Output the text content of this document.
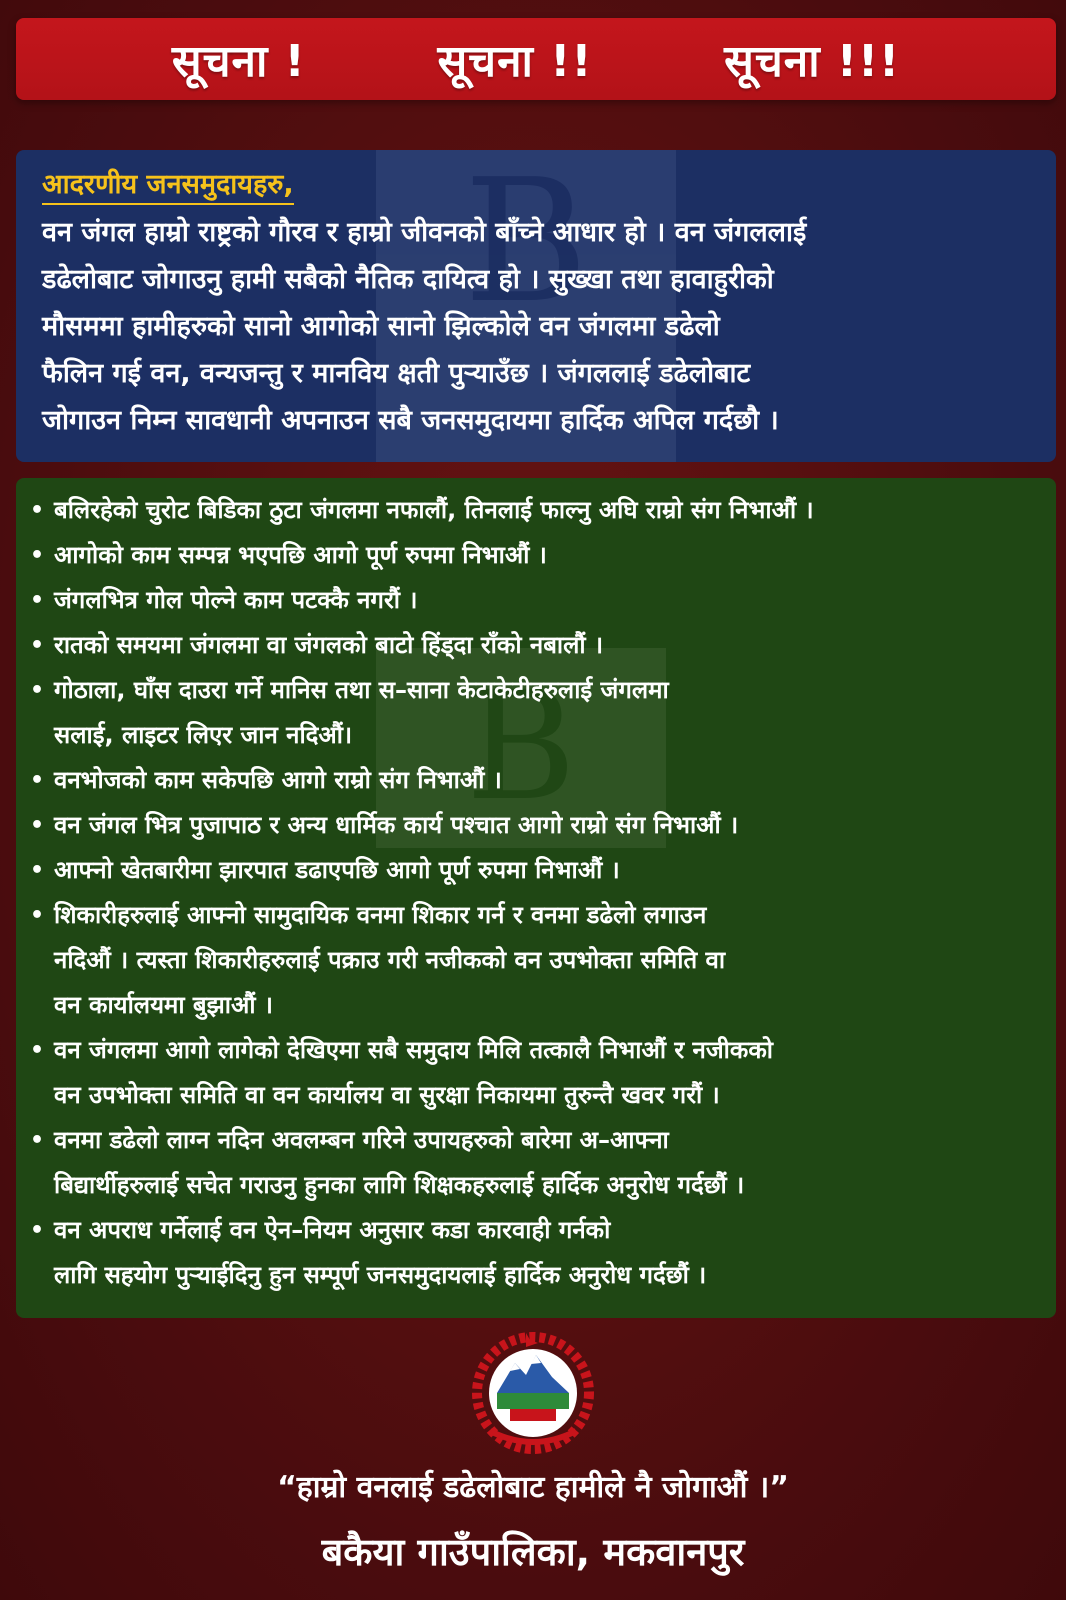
सूचना !	सूचना !!	सूचना !!!
B
आदरणीय जनसमुदायहरु,

वन जंगल हाम्रो राष्ट्रको गौरव र हाम्रो जीवनको बाँच्ने आधार हो । वन जंगललाई
डढेलोबाट जोगाउनु हामी सबैको नैतिक दायित्व हो । सुख्खा तथा हावाहुरीको
मौसममा हामीहरुको सानो आगोको सानो झिल्कोले वन जंगलमा डढेलो
फैलिन गई वन, वन्यजन्तु र मानविय क्षती पुऱ्याउँछ । जंगललाई डढेलोबाट
जोगाउन निम्न सावधानी अपनाउन सबै जनसमुदायमा हार्दिक अपिल गर्दछौ ।

B
• बलिरहेको चुरोट बिडिका ठुटा जंगलमा नफालौं, तिनलाई फाल्नु अघि राम्रो संग निभाऔं ।
• आगोको काम सम्पन्न भएपछि आगो पूर्ण रुपमा निभाऔं ।
• जंगलभित्र गोल पोल्ने काम पटक्कै नगरौं ।
• रातको समयमा जंगलमा वा जंगलको बाटो हिंड्दा राँको नबालौं ।
• गोठाला, घाँस दाउरा गर्ने मानिस तथा स–साना केटाकेटीहरुलाई जंगलमा
सलाई, लाइटर लिएर जान नदिऔं।
• वनभोजको काम सकेपछि आगो राम्रो संग निभाऔं ।
• वन जंगल भित्र पुजापाठ र अन्य धार्मिक कार्य पश्चात आगो राम्रो संग निभाऔं ।
• आफ्नो खेतबारीमा झारपात डढाएपछि आगो पूर्ण रुपमा निभाऔं ।
• शिकारीहरुलाई आफ्नो सामुदायिक वनमा शिकार गर्न र वनमा डढेलो लगाउन
नदिऔं । त्यस्ता शिकारीहरुलाई पक्राउ गरी नजीकको वन उपभोक्ता समिति वा
वन कार्यालयमा बुझाऔं ।
• वन जंगलमा आगो लागेको देखिएमा सबै समुदाय मिलि तत्कालै निभाऔं र नजीकको
वन उपभोक्ता समिति वा वन कार्यालय वा सुरक्षा निकायमा तुरुन्तै खवर गरौं ।
• वनमा डढेलो लाग्न नदिन अवलम्बन गरिने उपायहरुको बारेमा अ–आफ्ना
बिद्यार्थीहरुलाई सचेत गराउनु हुनका लागि शिक्षकहरुलाई हार्दिक अनुरोध गर्दछौं ।
• वन अपराध गर्नेलाई वन ऐन–नियम अनुसार कडा कारवाही गर्नको
लागि सहयोग पुऱ्याईदिनु हुन सम्पूर्ण जनसमुदायलाई हार्दिक अनुरोध गर्दछौं ।
“हाम्रो वनलाई डढेलोबाट हामीले नै जोगाऔं ।”
बकैया गाउँपालिका, मकवानपुर
